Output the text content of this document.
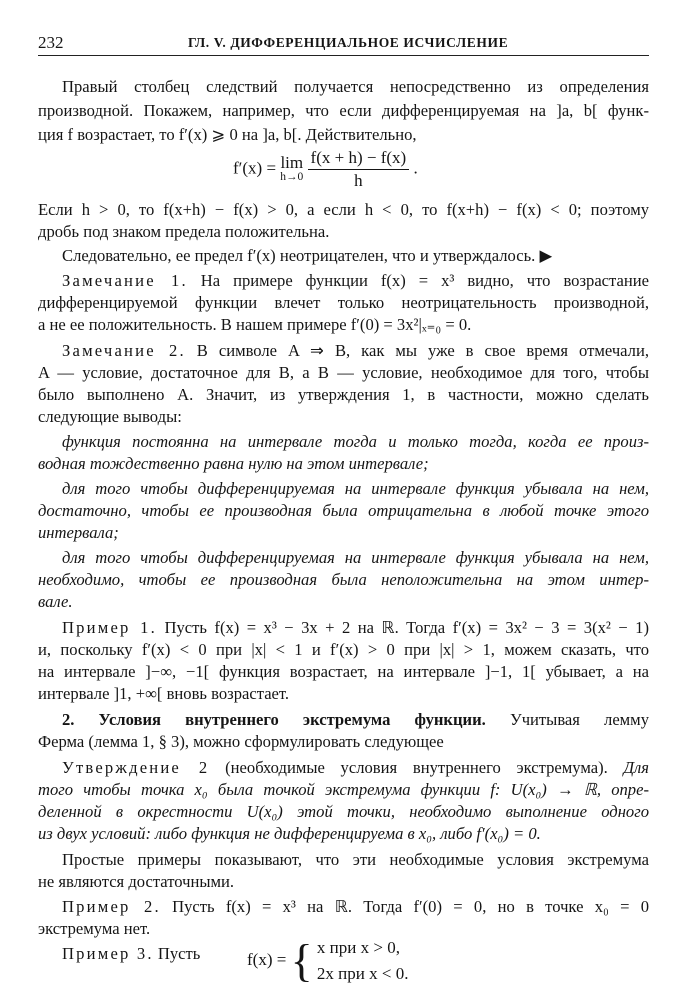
232	ГЛ. V. ДИФФЕРЕНЦИАЛЬНОЕ ИСЧИСЛЕНИЕ
Правый столбец следствий получается непосредственно из определения
производной. Покажем, например, что если дифференцируемая на ]a, b[ функ-
ция f возрастает, то f′(x) ⩾ 0 на ]a, b[. Действительно,
f′(x) = lim
h→0
$\frac{f(x + h) - f(x)}{h}$ .
Если h > 0, то f(x+h) − f(x) > 0, а если h < 0, то f(x+h) − f(x) < 0; поэтому
дробь под знаком предела положительна.
Следовательно, ее предел f′(x) неотрицателен, что и утверждалось. ▶
Замечание 1. На примере функции f(x) = x³ видно, что возрастание
дифференцируемой функции влечет только неотрицательность производной,
а не ее положительность. В нашем примере f′(0) = 3x²|ₓ₌₀ = 0.
Замечание 2. В символе A ⇒ B, как мы уже в свое время отмечали,
A — условие, достаточное для B, а B — условие, необходимое для того, чтобы
было выполнено A. Значит, из утверждения 1, в частности, можно сделать
следующие выводы:
функция постоянна на интервале тогда и только тогда, когда ее произ-
водная тождественно равна нулю на этом интервале;
для того чтобы дифференцируемая на интервале функция убывала на нем,
достаточно, чтобы ее производная была отрицательна в любой точке этого
интервала;
для того чтобы дифференцируемая на интервале функция убывала на нем,
необходимо, чтобы ее производная была неположительна на этом интер-
вале.
Пример 1. Пусть f(x) = x³ − 3x + 2 на ℝ. Тогда f′(x) = 3x² − 3 = 3(x² − 1)
и, поскольку f′(x) < 0 при |x| < 1 и f′(x) > 0 при |x| > 1, можем сказать, что
на интервале ]−∞, −1[ функция возрастает, на интервале ]−1, 1[ убывает, а на
интервале ]1, +∞[ вновь возрастает.
2. Условия внутреннего экстремума функции. Учитывая лемму
Ферма (лемма 1, § 3), можно сформулировать следующее
Утверждение 2 (необходимые условия внутреннего экстремума). Для
того чтобы точка x₀ была точкой экстремума функции f: U(x₀) → ℝ, опре-
деленной в окрестности U(x₀) этой точки, необходимо выполнение одного
из двух условий: либо функция не дифференцируема в x₀, либо f′(x₀) = 0.
Простые примеры показывают, что эти необходимые условия экстремума
не являются достаточными.
Пример 2. Пусть f(x) = x³ на ℝ. Тогда f′(0) = 0, но в точке x₀ = 0
экстремума нет.
Пример 3. Пусть	f(x) = { x при x > 0,
2x при x < 0.
